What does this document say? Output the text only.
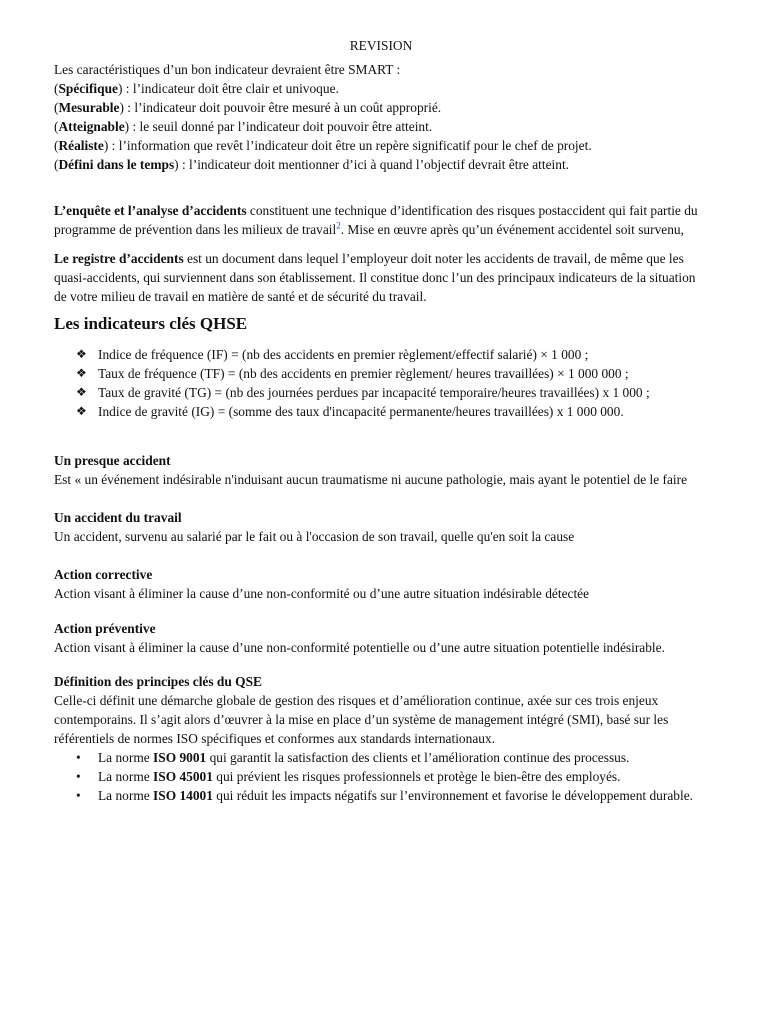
REVISION

Les caractéristiques d’un bon indicateur devraient être SMART :

(Spécifique) : l’indicateur doit être clair et univoque.

(Mesurable) : l’indicateur doit pouvoir être mesuré à un coût approprié.

(Atteignable) : le seuil donné par l’indicateur doit pouvoir être atteint.

(Réaliste) : l’information que revêt l’indicateur doit être un repère significatif pour le chef de projet.

(Défini dans le temps) : l’indicateur doit mentionner d’ici à quand l’objectif devrait être atteint.

L’enquête et l’analyse d’accidents constituent une technique d’identification des risques postaccident qui fait partie du programme de prévention dans les milieux de travail$^2$. Mise en œuvre après qu’un événement accidentel soit survenu,

Le registre d’accidents est un document dans lequel l’employeur doit noter les accidents de travail, de même que les quasi-accidents, qui surviennent dans son établissement. Il constitue donc l’un des principaux indicateurs de la situation de votre milieu de travail en matière de santé et de sécurité du travail.

Les indicateurs clés QHSE

❖ Indice de fréquence (IF) = (nb des accidents en premier règlement/effectif salarié) × 1 000 ;
❖ Taux de fréquence (TF) = (nb des accidents en premier règlement/ heures travaillées) × 1 000 000 ;
❖ Taux de gravité (TG) = (nb des journées perdues par incapacité temporaire/heures travaillées) x 1 000 ;
❖ Indice de gravité (IG) = (somme des taux d'incapacité permanente/heures travaillées) x 1 000 000.

Un presque accident

Est « un événement indésirable n'induisant aucun traumatisme ni aucune pathologie, mais ayant le potentiel de le faire

Un accident du travail

Un accident, survenu au salarié par le fait ou à l'occasion de son travail, quelle qu'en soit la cause

Action corrective

Action visant à éliminer la cause d’une non-conformité ou d’une autre situation indésirable détectée

Action préventive

Action visant à éliminer la cause d’une non-conformité potentielle ou d’une autre situation potentielle indésirable.

Définition des principes clés du QSE

Celle-ci définit une démarche globale de gestion des risques et d’amélioration continue, axée sur ces trois enjeux contemporains. Il s’agit alors d’œuvrer à la mise en place d’un système de management intégré (SMI), basé sur les référentiels de normes ISO spécifiques et conformes aux standards internationaux.

• La norme ISO 9001 qui garantit la satisfaction des clients et l’amélioration continue des processus.
• La norme ISO 45001 qui prévient les risques professionnels et protège le bien-être des employés.
• La norme ISO 14001 qui réduit les impacts négatifs sur l’environnement et favorise le développement durable.
